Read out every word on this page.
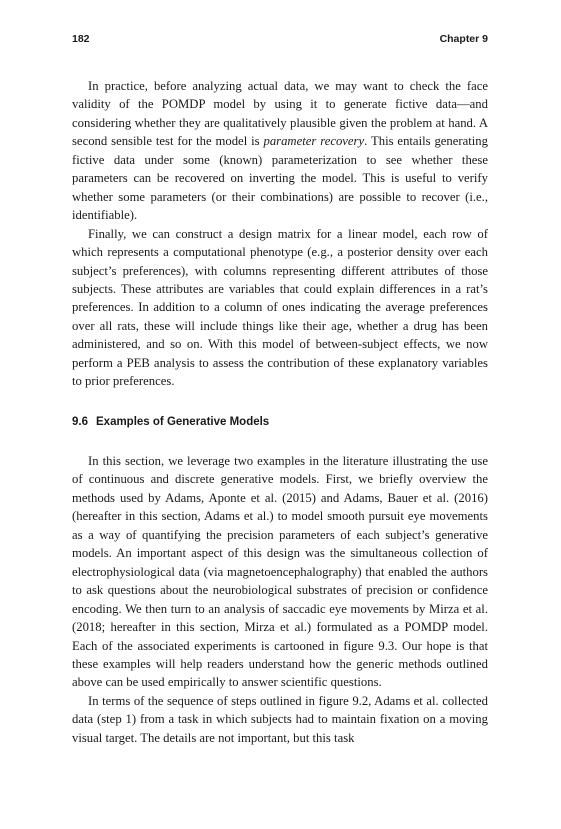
182	Chapter 9

In practice, before analyzing actual data, we may want to check the face validity of the POMDP model by using it to generate fictive data—and considering whether they are qualitatively plausible given the problem at hand. A second sensible test for the model is parameter recovery. This entails generating fictive data under some (known) parameterization to see whether these parameters can be recovered on inverting the model. This is useful to verify whether some parameters (or their combinations) are possible to recover (i.e., identifiable).

Finally, we can construct a design matrix for a linear model, each row of which represents a computational phenotype (e.g., a posterior density over each subject’s preferences), with columns representing different attributes of those subjects. These attributes are variables that could explain differences in a rat’s preferences. In addition to a column of ones indicating the average preferences over all rats, these will include things like their age, whether a drug has been administered, and so on. With this model of between-subject effects, we now perform a PEB analysis to assess the contribution of these explanatory variables to prior preferences.

9.6 Examples of Generative Models

In this section, we leverage two examples in the literature illustrating the use of continuous and discrete generative models. First, we briefly overview the methods used by Adams, Aponte et al. (2015) and Adams, Bauer et al. (2016) (hereafter in this section, Adams et al.) to model smooth pursuit eye movements as a way of quantifying the precision parameters of each subject’s generative models. An important aspect of this design was the simultaneous collection of electrophysiological data (via magnetoencephalography) that enabled the authors to ask questions about the neurobiological substrates of precision or confidence encoding. We then turn to an analysis of saccadic eye movements by Mirza et al. (2018; hereafter in this section, Mirza et al.) formulated as a POMDP model. Each of the associated experiments is cartooned in figure 9.3. Our hope is that these examples will help readers understand how the generic methods outlined above can be used empirically to answer scientific questions.

In terms of the sequence of steps outlined in figure 9.2, Adams et al. collected data (step 1) from a task in which subjects had to maintain fixation on a moving visual target. The details are not important, but this task
